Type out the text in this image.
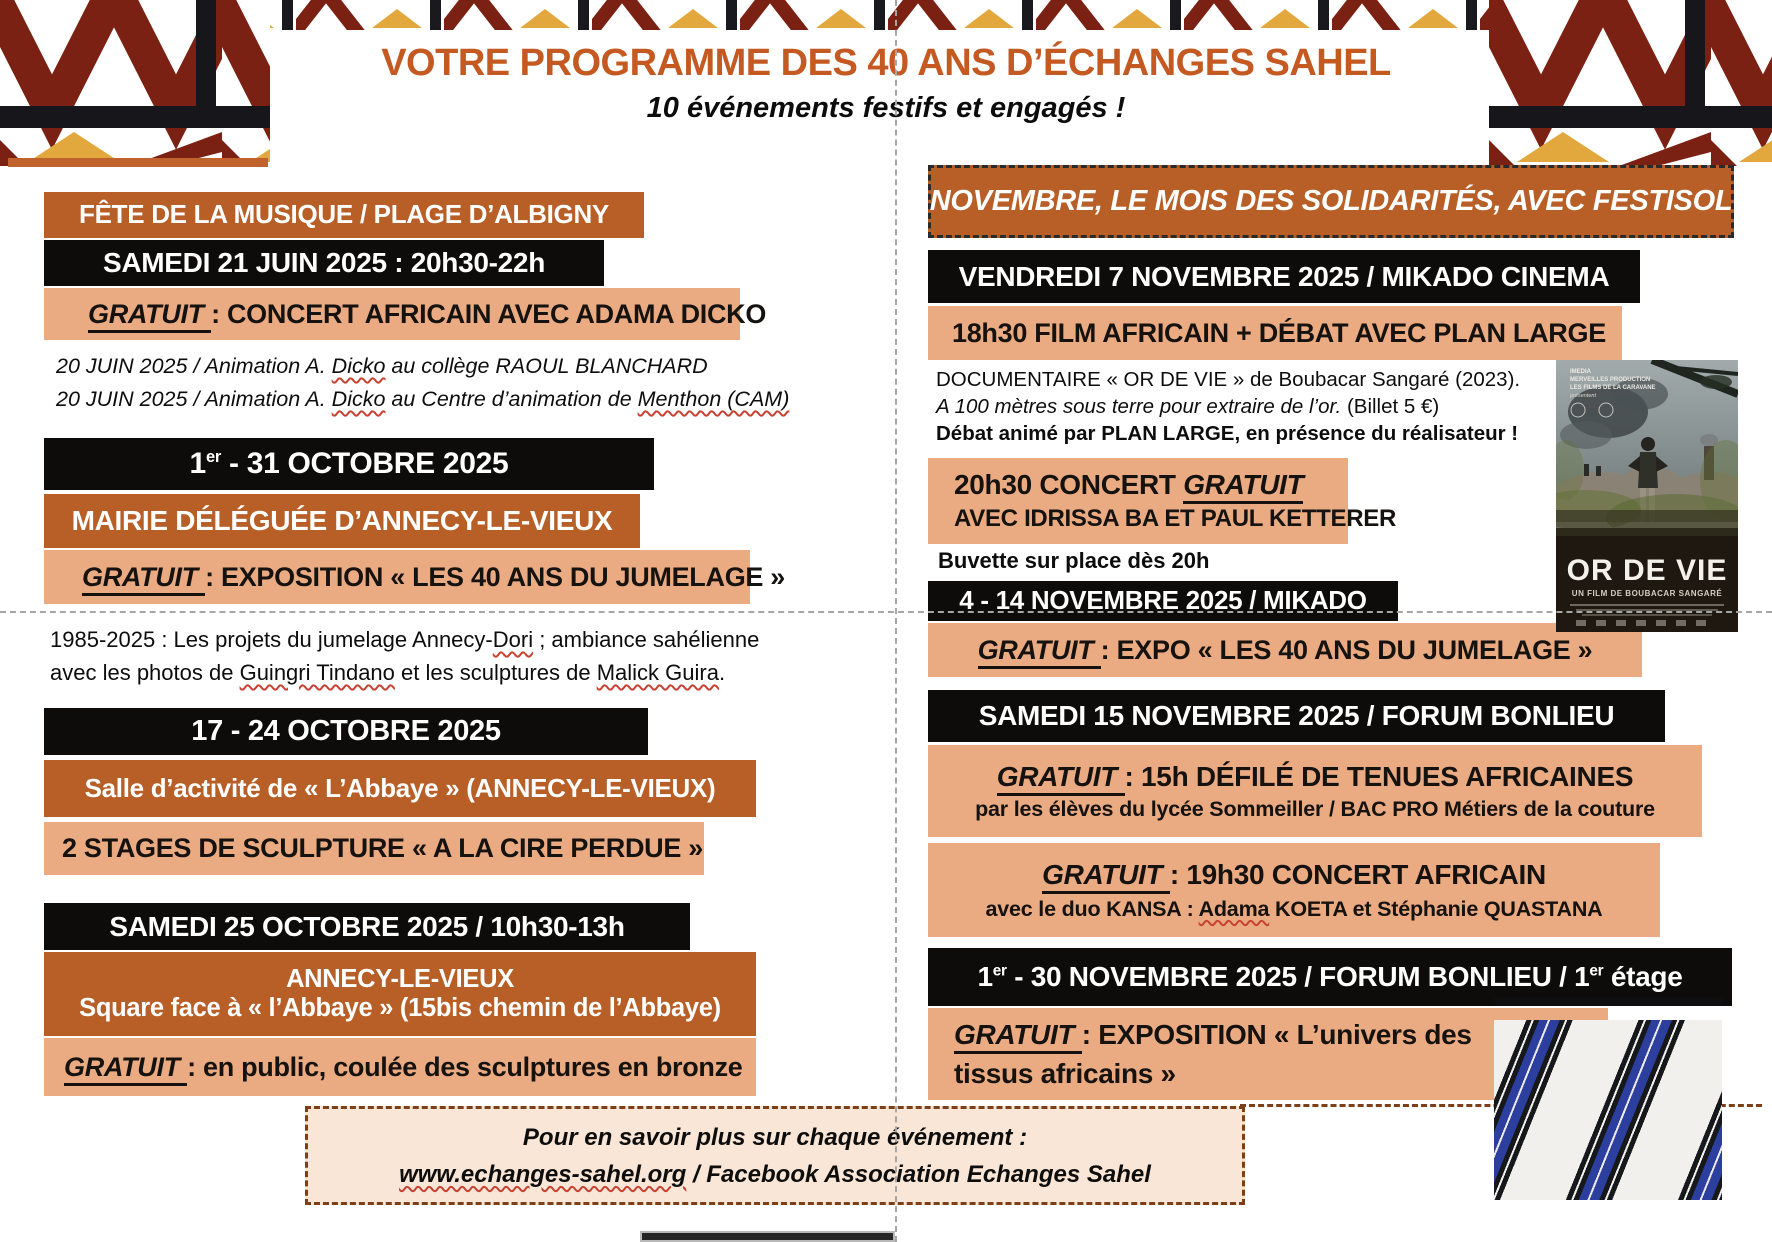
VOTRE PROGRAMME DES 40 ANS D’ÉCHANGES SAHEL
10 événements festifs et engagés !
FÊTE DE LA MUSIQUE / PLAGE D’ALBIGNY
SAMEDI 21 JUIN 2025 : 20h30-22h
GRATUIT : CONCERT AFRICAIN AVEC ADAMA DICKO
20 JUIN 2025 / Animation A. Dicko au collège RAOUL BLANCHARD
20 JUIN 2025 / Animation A. Dicko au Centre d’animation de Menthon (CAM)
1er - 31 OCTOBRE 2025
MAIRIE DÉLÉGUÉE D’ANNECY-LE-VIEUX
GRATUIT : EXPOSITION « LES 40 ANS DU JUMELAGE »
1985-2025 : Les projets du jumelage Annecy-Dori ; ambiance sahélienne
avec les photos de Guingri Tindano et les sculptures de Malick Guira.
17 - 24 OCTOBRE 2025
Salle d’activité de « L’Abbaye » (ANNECY-LE-VIEUX)
2 STAGES DE SCULPTURE « A LA CIRE PERDUE »
SAMEDI 25 OCTOBRE 2025 / 10h30-13h
ANNECY-LE-VIEUX
Square face à « l’Abbaye » (15bis chemin de l’Abbaye)
GRATUIT : en public, coulée des sculptures en bronze
NOVEMBRE, LE MOIS DES SOLIDARITÉS, AVEC FESTISOL
VENDREDI 7 NOVEMBRE 2025 / MIKADO CINEMA
18h30 FILM AFRICAIN + DÉBAT AVEC PLAN LARGE
DOCUMENTAIRE « OR DE VIE » de Boubacar Sangaré (2023).
A 100 mètres sous terre pour extraire de l’or. (Billet 5 €)
Débat animé par PLAN LARGE, en présence du réalisateur !
20h30 CONCERT GRATUIT
AVEC IDRISSA BA ET PAUL KETTERER
Buvette sur place dès 20h
4 - 14 NOVEMBRE 2025 / MIKADO
GRATUIT : EXPO « LES 40 ANS DU JUMELAGE »
SAMEDI 15 NOVEMBRE 2025 / FORUM BONLIEU
GRATUIT : 15h DÉFILÉ DE TENUES AFRICAINES
par les élèves du lycée Sommeiller / BAC PRO Métiers de la couture
GRATUIT : 19h30 CONCERT AFRICAIN
avec le duo KANSA : Adama KOETA et Stéphanie QUASTANA
1er - 30 NOVEMBRE 2025 / FORUM BONLIEU / 1er étage
GRATUIT : EXPOSITION « L’univers des
tissus africains »
IMEDIA
MERVEILLES PRODUCTION
LES FILMS DE LA CARAVANE
présentent
OR DE VIE
UN FILM DE BOUBACAR SANGARÉ
Pour en savoir plus sur chaque événement :
www.echanges-sahel.org / Facebook Association Echanges Sahel
